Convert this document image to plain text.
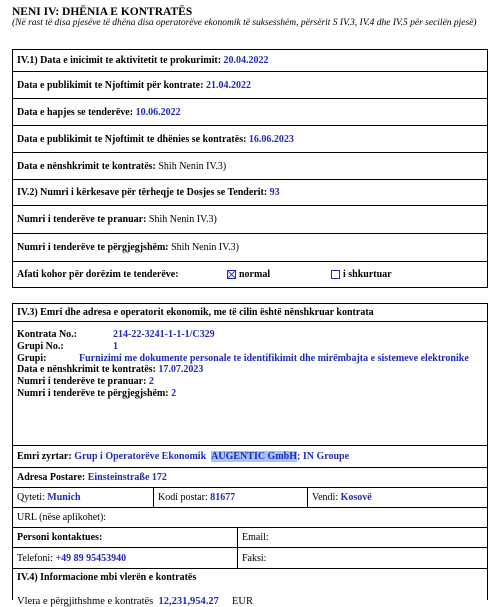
NENI IV: DHËNIA E KONTRATËS
(Në rast të disa pjesëve të dhëna disa operatorëve ekonomik të suksesshëm, përsërit S IV.3, IV.4 dhe IV.5 për secilën pjesë)
IV.1) Data e inicimit te aktivitetit te prokurimit:
20.04.2022
Data e publikimit te Njoftimit për kontrate:
21.04.2022
Data e hapjes se tenderëve:
10.06.2022
Data e publikimit te Njoftimit te dhënies se kontratës:
16.06.2023
Data e nënshkrimit te kontratës:
Shih Nenin IV.3)
IV.2) Numri i kërkesave për tërheqje te Dosjes se Tenderit:
93
Numri i tenderëve te pranuar:
Shih Nenin IV.3)
Numri i tenderëve te përgjegjshëm:
Shih Nenin IV.3)
Afati kohor për dorëzim te tenderëve:	normal	i shkurtuar
IV.3) Emri dhe adresa e operatorit ekonomik, me të cilin është nënshkruar kontrata
Kontrata No.:	214-22-3241-1-1-1/C329
Grupi No.:	1
Grupi:	Furnizimi me dokumente personale te identifikimit dhe mirëmbajta e sistemeve elektronike
Data e nënshkrimit te kontratës:
17.07.2023
Numri i tenderëve te pranuar:
2
Numri i tenderëve te përgjegjshëm:
2
Emri zyrtar:
Grup i Operatorëve Ekonomik
AUGENTIC GmbH ; IN Groupe
Adresa Postare:
Einsteinstraße 172
Qyteti:
Munich	Kodi postar:
81677	Vendi:
Kosovë
URL (nëse aplikohet):
Personi kontaktues:	Email:
Telefoni:
+49 89 95453940	Faksi:
IV.4) Informacione mbi vlerën e kontratës
Vlera e përgjithshme e kontratës 12,231,954.27 EUR
